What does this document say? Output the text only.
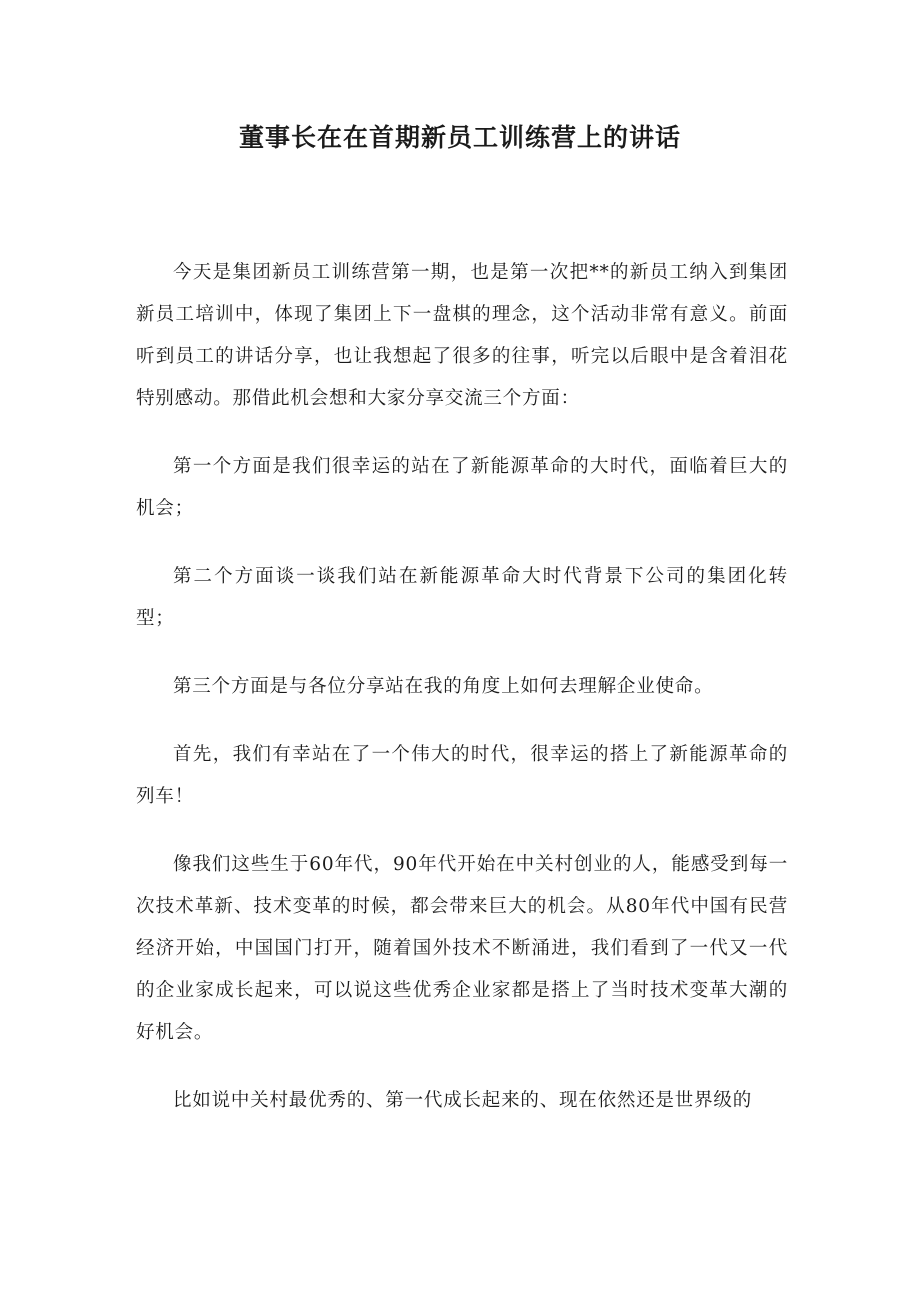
董事长在在首期新员工训练营上的讲话

今天是集团新员工训练营第一期，也是第一次把**的新员工纳入到集团新员工培训中，体现了集团上下一盘棋的理念，这个活动非常有意义。前面听到员工的讲话分享，也让我想起了很多的往事，听完以后眼中是含着泪花特别感动。那借此机会想和大家分享交流三个方面：

第一个方面是我们很幸运的站在了新能源革命的大时代，面临着巨大的机会；

第二个方面谈一谈我们站在新能源革命大时代背景下公司的集团化转型；

第三个方面是与各位分享站在我的角度上如何去理解企业使命。

首先，我们有幸站在了一个伟大的时代，很幸运的搭上了新能源革命的列车！

像我们这些生于60年代，90年代开始在中关村创业的人，能感受到每一次技术革新、技术变革的时候，都会带来巨大的机会。从80年代中国有民营经济开始，中国国门打开，随着国外技术不断涌进，我们看到了一代又一代的企业家成长起来，可以说这些优秀企业家都是搭上了当时技术变革大潮的好机会。

比如说中关村最优秀的、第一代成长起来的、现在依然还是世界级的
